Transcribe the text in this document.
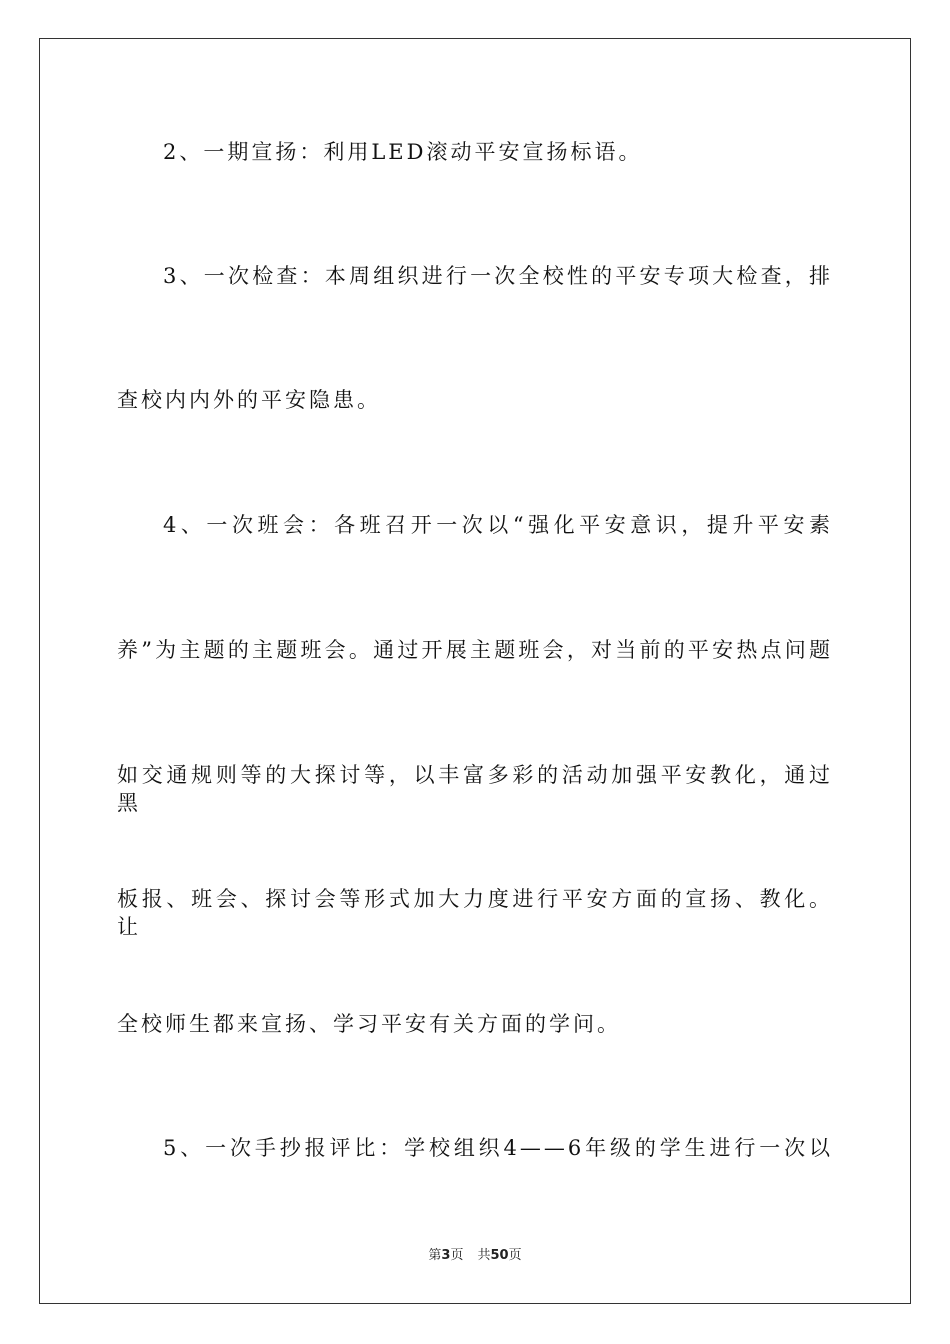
2、一期宣扬：利用LED滚动平安宣扬标语。
3、一次检查：本周组织进行一次全校性的平安专项大检查，排
查校内内外的平安隐患。
4、一次班会：各班召开一次以“强化平安意识，提升平安素
养”为主题的主题班会。通过开展主题班会，对当前的平安热点问题
如交通规则等的大探讨等，以丰富多彩的活动加强平安教化，通过黑
板报、班会、探讨会等形式加大力度进行平安方面的宣扬、教化。让
全校师生都来宣扬、学习平安有关方面的学问。
5、一次手抄报评比：学校组织4——6年级的学生进行一次以
第3页 共50页
